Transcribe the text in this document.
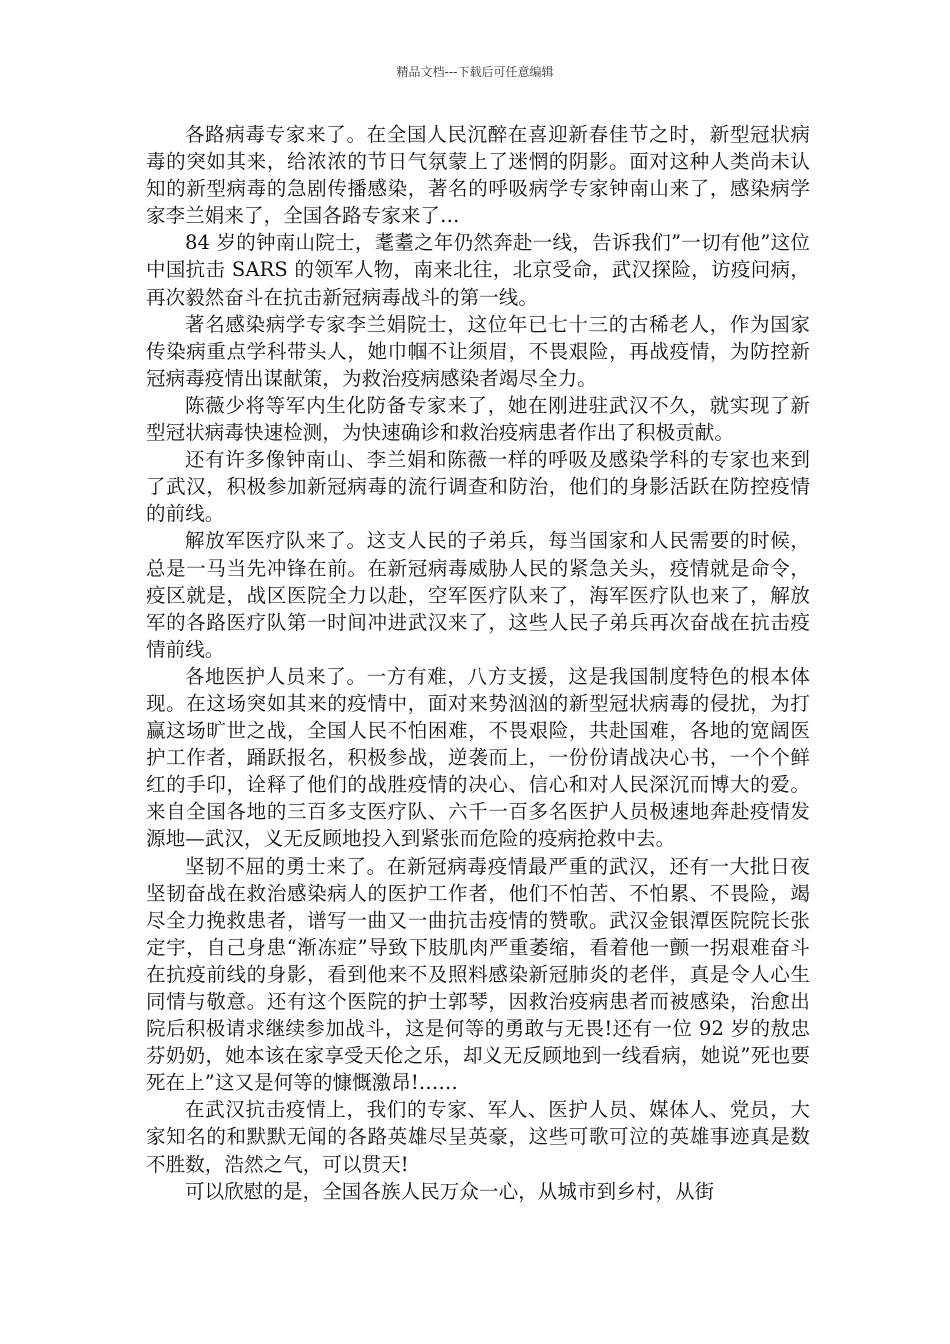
精品文档---下载后可任意编辑

各路病毒专家来了。在全国人民沉醉在喜迎新春佳节之时，新型冠状病毒的突如其来，给浓浓的节日气氛蒙上了迷惘的阴影。面对这种人类尚未认知的新型病毒的急剧传播感染，著名的呼吸病学专家钟南山来了，感染病学家李兰娟来了，全国各路专家来了…

84 岁的钟南山院士，耄耋之年仍然奔赴一线，告诉我们”一切有他”这位中国抗击 SARS 的领军人物，南来北往，北京受命，武汉探险，访疫问病，再次毅然奋斗在抗击新冠病毒战斗的第一线。

著名感染病学专家李兰娟院士，这位年已七十三的古稀老人，作为国家传染病重点学科带头人，她巾帼不让须眉，不畏艰险，再战疫情，为防控新冠病毒疫情出谋献策，为救治疫病感染者竭尽全力。

陈薇少将等军内生化防备专家来了，她在刚进驻武汉不久，就实现了新型冠状病毒快速检测，为快速确诊和救治疫病患者作出了积极贡献。

还有许多像钟南山、李兰娟和陈薇一样的呼吸及感染学科的专家也来到了武汉，积极参加新冠病毒的流行调查和防治，他们的身影活跃在防控疫情的前线。

解放军医疗队来了。这支人民的子弟兵，每当国家和人民需要的时候，总是一马当先冲锋在前。在新冠病毒威胁人民的紧急关头，疫情就是命令，疫区就是，战区医院全力以赴，空军医疗队来了，海军医疗队也来了，解放军的各路医疗队第一时间冲进武汉来了，这些人民子弟兵再次奋战在抗击疫情前线。

各地医护人员来了。一方有难，八方支援，这是我国制度特色的根本体现。在这场突如其来的疫情中，面对来势汹汹的新型冠状病毒的侵扰，为打赢这场旷世之战，全国人民不怕困难，不畏艰险，共赴国难，各地的宽阔医护工作者，踊跃报名，积极参战，逆袭而上，一份份请战决心书，一个个鲜红的手印，诠释了他们的战胜疫情的决心、信心和对人民深沉而博大的爱。来自全国各地的三百多支医疗队、六千一百多名医护人员极速地奔赴疫情发源地—武汉，义无反顾地投入到紧张而危险的疫病抢救中去。

坚韧不屈的勇士来了。在新冠病毒疫情最严重的武汉，还有一大批日夜坚韧奋战在救治感染病人的医护工作者，他们不怕苦、不怕累、不畏险，竭尽全力挽救患者，谱写一曲又一曲抗击疫情的赞歌。武汉金银潭医院院长张定宇，自己身患“渐冻症”导致下肢肌肉严重萎缩，看着他一颤一拐艰难奋斗在抗疫前线的身影，看到他来不及照料感染新冠肺炎的老伴，真是令人心生同情与敬意。还有这个医院的护士郭琴，因救治疫病患者而被感染，治愈出院后积极请求继续参加战斗，这是何等的勇敢与无畏!还有一位 92 岁的敖忠芬奶奶，她本该在家享受天伦之乐，却义无反顾地到一线看病，她说”死也要死在上”这又是何等的慷慨激昂!……

在武汉抗击疫情上，我们的专家、军人、医护人员、媒体人、党员，大家知名的和默默无闻的各路英雄尽呈英豪，这些可歌可泣的英雄事迹真是数不胜数，浩然之气，可以贯天!

可以欣慰的是，全国各族人民万众一心，从城市到乡村，从街
